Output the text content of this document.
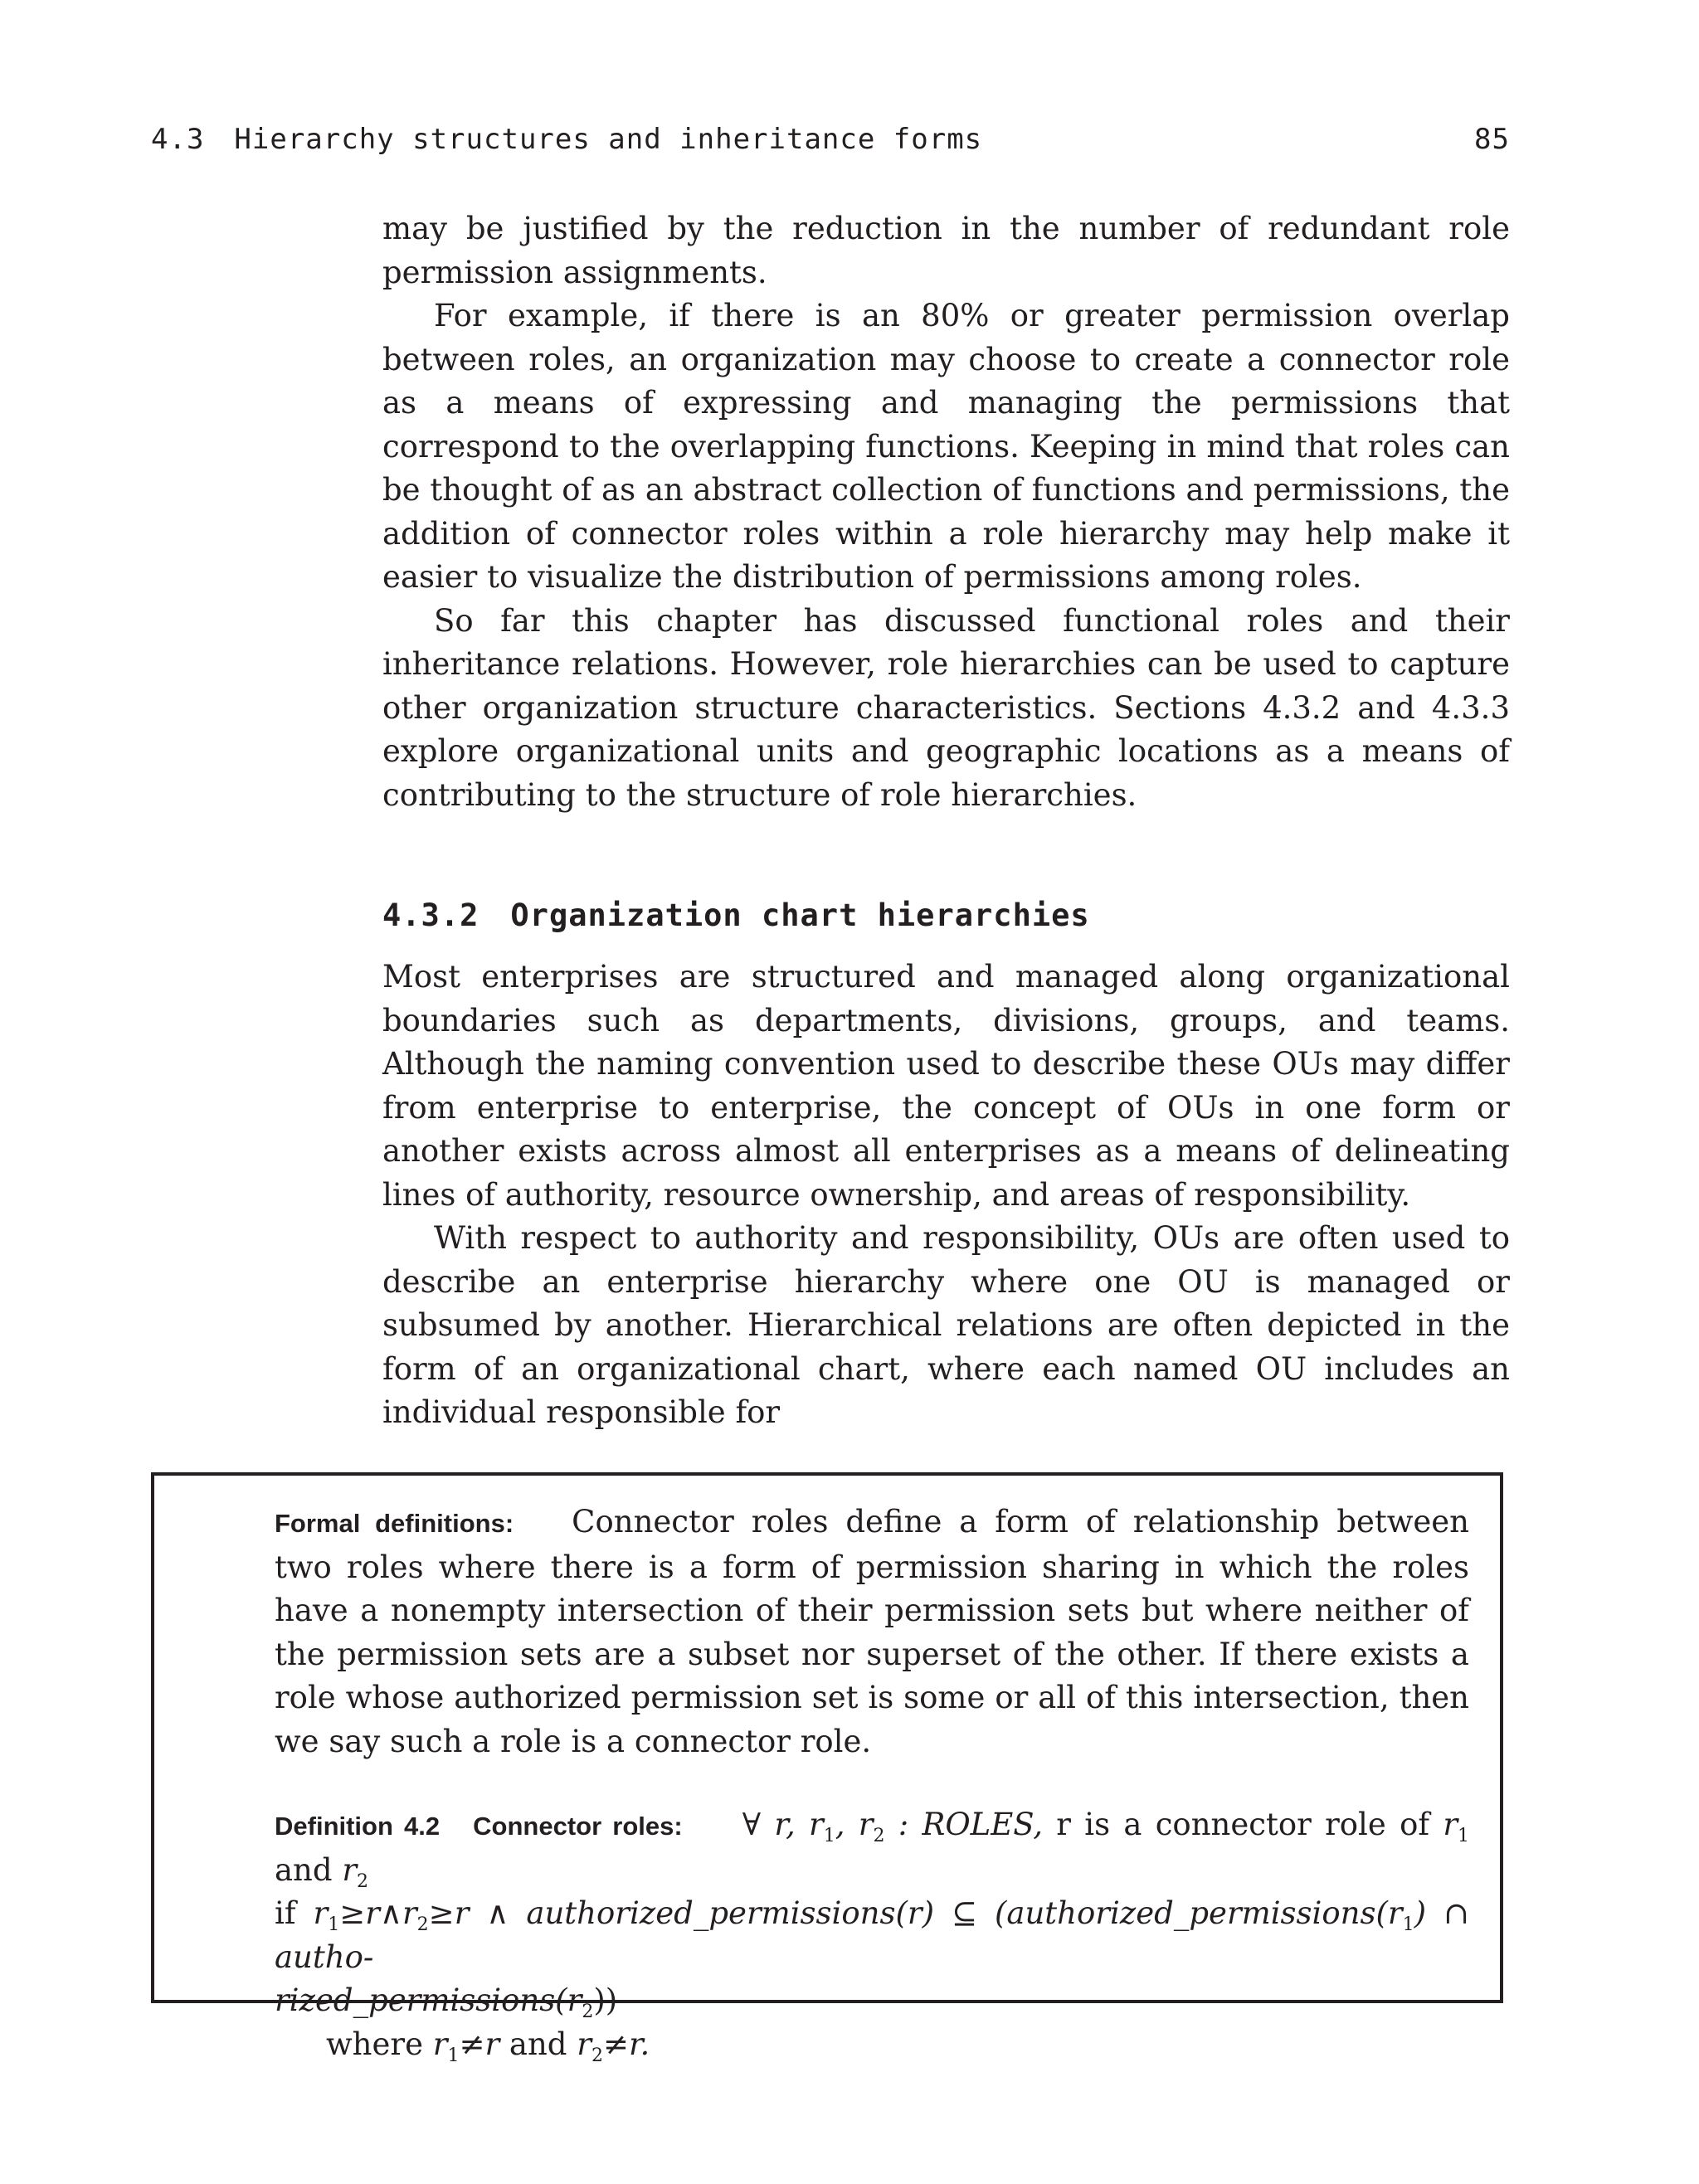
4.3 Hierarchy structures and inheritance forms	85

may be justified by the reduction in the number of redundant role permission assignments.

For example, if there is an 80% or greater permission overlap between roles, an organization may choose to create a connector role as a means of expressing and managing the permissions that correspond to the overlapping functions. Keeping in mind that roles can be thought of as an abstract collection of functions and permissions, the addition of connector roles within a role hierarchy may help make it easier to visualize the distribution of permissions among roles.

So far this chapter has discussed functional roles and their inheritance relations. However, role hierarchies can be used to capture other organization structure characteristics. Sections 4.3.2 and 4.3.3 explore organizational units and geographic locations as a means of contributing to the structure of role hierarchies.

4.3.2 Organization chart hierarchies

Most enterprises are structured and managed along organizational boundaries such as departments, divisions, groups, and teams. Although the naming convention used to describe these OUs may differ from enterprise to enterprise, the concept of OUs in one form or another exists across almost all enterprises as a means of delineating lines of authority, resource ownership, and areas of responsibility.

With respect to authority and responsibility, OUs are often used to describe an enterprise hierarchy where one OU is managed or subsumed by another. Hierarchical relations are often depicted in the form of an organizational chart, where each named OU includes an individual responsible for

Formal definitions: Connector roles define a form of relationship between two roles where there is a form of permission sharing in which the roles have a nonempty intersection of their permission sets but where neither of the permission sets are a subset nor superset of the other. If there exists a role whose authorized permission set is some or all of this intersection, then we say such a role is a connector role.
Definition 4.2 Connector roles: ∀ r, $r_1$, $r_2$ : ROLES, r is a connector role of $r_1$ and $r_2$
if $r_1\ge r\wedge r_2\ge r$ ∧ authorized_permissions(r) ⊆ ($authorized\_permissions(r_1)$ ∩ autho-
$rized\_permissions(r_2)$)
where $r_1\ne r$ and $r_2\ne r$.
